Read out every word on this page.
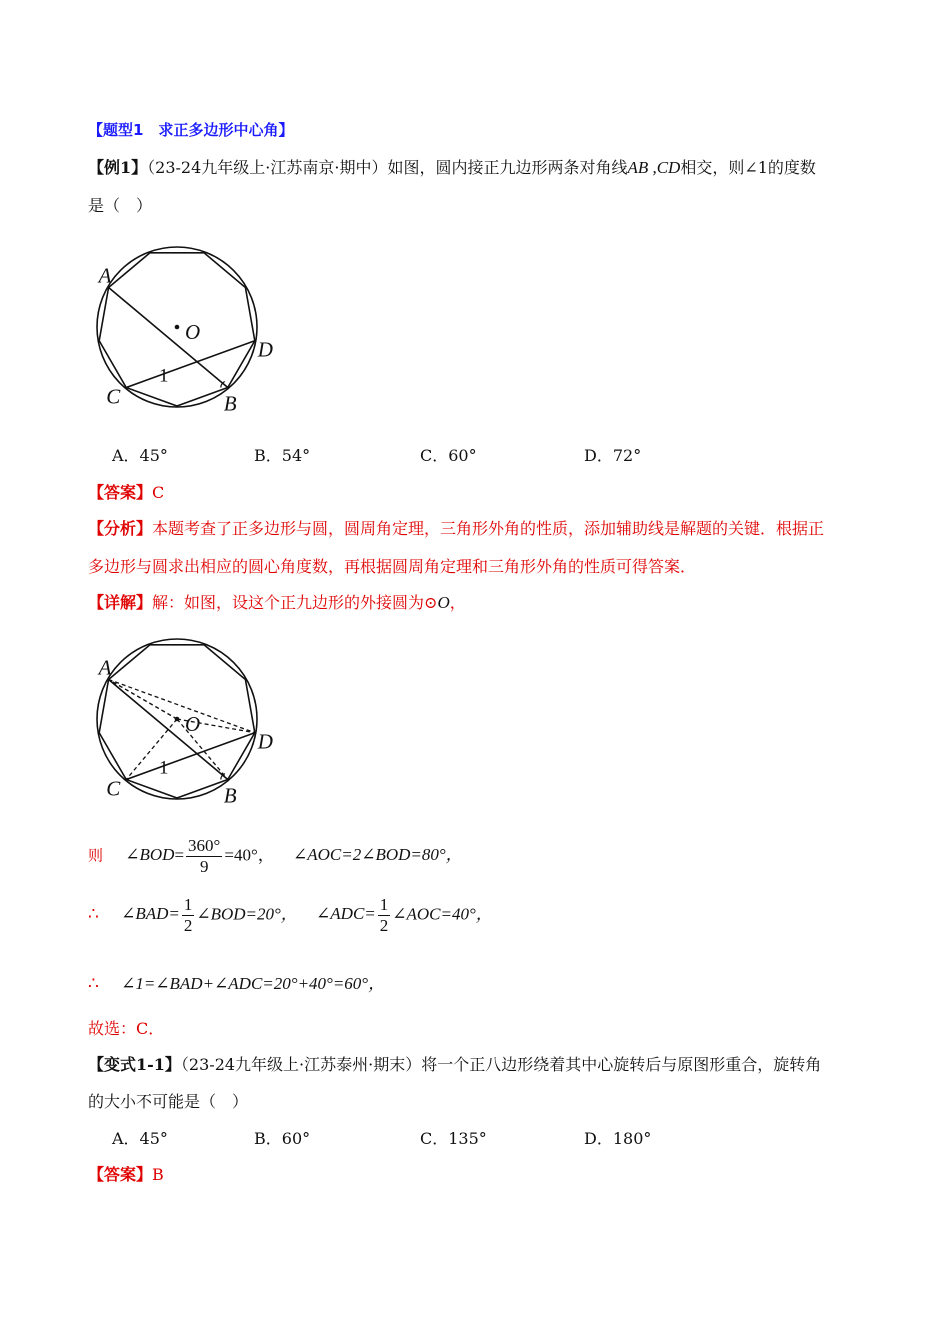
【题型1　求正多边形中心角】
【例1】（23-24九年级上·江苏南京·期中）如图，圆内接正九边形两条对角线AB ,CD相交，则∠1的度数
是（　）
A
B
C
D
O
1
A．45°	B．54°	C．60°	D．72°
【答案】C
【分析】本题考查了正多边形与圆，圆周角定理，三角形外角的性质，添加辅助线是解题的关键．根据正
多边形与圆求出相应的圆心角度数，再根据圆周角定理和三角形外角的性质可得答案．
【详解】解：如图，设这个正九边形的外接圆为⊙O，
A
B
C
D
O
1
则 ∠BOD= $\frac{360^\circ}{9} =40^\circ$， ∠AOC=2∠BOD=80°，
∴ ∠BAD= $\frac{1}{2}$ ∠BOD=20°， ∠ADC= $\frac{1}{2}$ ∠AOC=40°，
∴ ∠1=∠BAD+∠ADC=20°+40°=60°，
故选：C．
【变式1-1】（23-24九年级上·江苏泰州·期末）将一个正八边形绕着其中心旋转后与原图形重合，旋转角
的大小不可能是（　）
A．45°	B．60°	C．135°	D．180°
【答案】B
